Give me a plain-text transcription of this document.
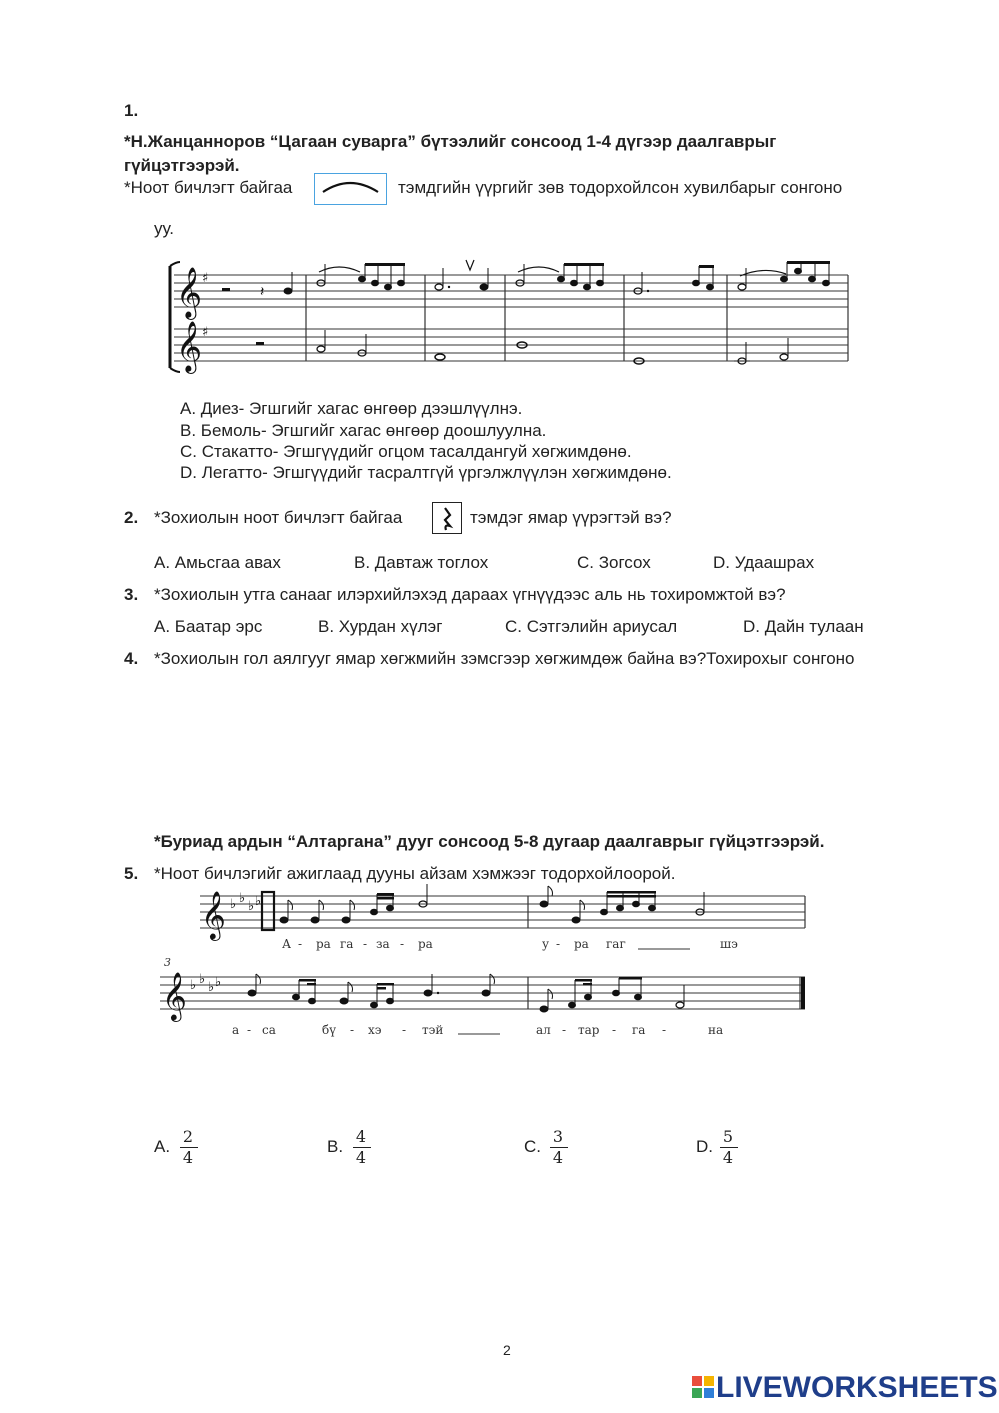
1.
*Н.Жанцанноров “Цагаан суварга” бүтээлийг сонсоод 1-4 дүгээр даалгаврыг
гүйцэтгээрэй.
*Ноот бичлэгт байгаа	тэмдгийн үүргийг зөв тодорхойлсон хувилбарыг сонгоно
уу.
𝄞
𝄞
♯
♯
𝄽
A. Диез- Эгшгийг хагас өнгөөр дээшлүүлнэ.
B. Бемоль- Эгшгийг хагас өнгөөр доошлуулна.
C. Стакатто- Эгшгүүдийг огцом тасалдангуй хөгжимдөнө.
D. Легатто- Эгшгүүдийг тасралтгүй үргэлжлүүлэн хөгжимдөнө.
2. *Зохиолын ноот бичлэгт байгаа	тэмдэг ямар үүрэгтэй вэ?
A. Амьсгаа авах	B. Давтаж тоглох	C. Зогсох	D. Удаашрах
3. *Зохиолын утга санааг илэрхийлэхэд дараах үгнүүдээс аль нь тохиромжтой вэ?
A. Баатар эрс	B. Хурдан хүлэг	C. Сэтгэлийн ариусал	D. Дайн тулаан
4. *Зохиолын гол аялгууг ямар хөгжмийн зэмсгээр хөгжимдөж байна вэ?Тохирохыг сонгоно
*Буриад ардын “Алтаргана” дууг сонсоод 5-8 дугаар даалгаврыг гүйцэтгээрэй.
5. *Ноот бичлэгийг ажиглаад дууны айзам хэмжээг тодорхойлоорой.
𝄞
𝄞
♭ ♭
♭ ♭
♭ ♭
♭ ♭
3
А - ра га - за - ра	у - ра гаг	шэ
а - са	бү - хэ - тэй	ал - тар - га -	на
A.
2
4
B.
4
4
C.
3
4
D.
5
4
2
LIVEWORKSHEETS
